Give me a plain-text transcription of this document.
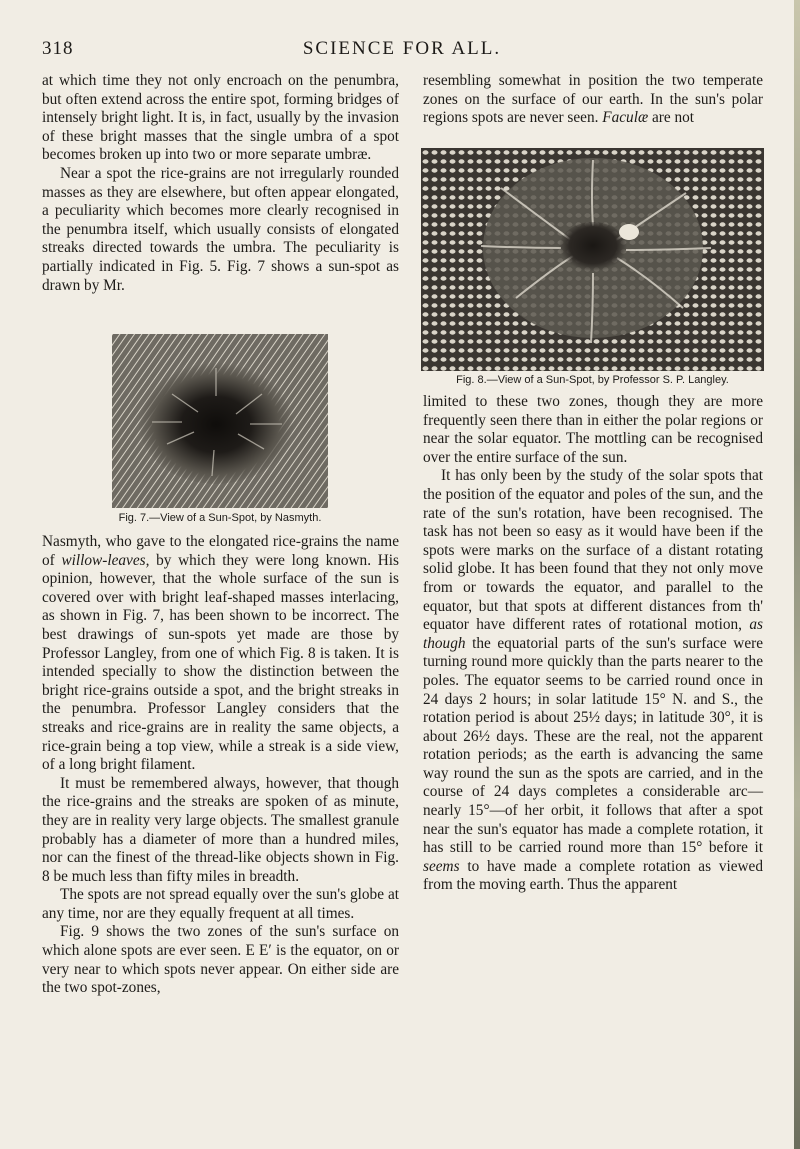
318	SCIENCE FOR ALL.

at which time they not only encroach on the penumbra, but often extend across the entire spot, forming bridges of intensely bright light. It is, in fact, usually by the invasion of these bright masses that the single umbra of a spot becomes broken up into two or more separate umbræ.

Near a spot the rice-grains are not irregularly rounded masses as they are elsewhere, but often appear elongated, a peculiarity which becomes more clearly recognised in the penumbra itself, which usually consists of elongated streaks directed towards the umbra. The peculiarity is partially indicated in Fig. 5. Fig. 7 shows a sun-spot as drawn by Mr.

Fig. 7.—View of a Sun-Spot, by Nasmyth.

Nasmyth, who gave to the elongated rice-grains the name of willow-leaves, by which they were long known. His opinion, however, that the whole surface of the sun is covered over with bright leaf-shaped masses interlacing, as shown in Fig. 7, has been shown to be incorrect. The best drawings of sun-spots yet made are those by Professor Langley, from one of which Fig. 8 is taken. It is intended specially to show the distinction between the bright rice-grains outside a spot, and the bright streaks in the penumbra. Professor Langley considers that the streaks and rice-grains are in reality the same objects, a rice-grain being a top view, while a streak is a side view, of a long bright filament.

It must be remembered always, however, that though the rice-grains and the streaks are spoken of as minute, they are in reality very large objects. The smallest granule probably has a diameter of more than a hundred miles, nor can the finest of the thread-like objects shown in Fig. 8 be much less than fifty miles in breadth.

The spots are not spread equally over the sun's globe at any time, nor are they equally frequent at all times.

Fig. 9 shows the two zones of the sun's surface on which alone spots are ever seen. E E′ is the equator, on or very near to which spots never appear. On either side are the two spot-zones,

resembling somewhat in position the two temperate zones on the surface of our earth. In the sun's polar regions spots are never seen. Faculæ are not

Fig. 8.—View of a Sun-Spot, by Professor S. P. Langley.

limited to these two zones, though they are more frequently seen there than in either the polar regions or near the solar equator. The mottling can be recognised over the entire surface of the sun.

It has only been by the study of the solar spots that the position of the equator and poles of the sun, and the rate of the sun's rotation, have been recognised. The task has not been so easy as it would have been if the spots were marks on the surface of a distant rotating solid globe. It has been found that they not only move from or towards the equator, and parallel to the equator, but that spots at different distances from th' equator have different rates of rotational motion, as though the equatorial parts of the sun's surface were turning round more quickly than the parts nearer to the poles. The equator seems to be carried round once in 24 days 2 hours; in solar latitude 15° N. and S., the rotation period is about 25½ days; in latitude 30°, it is about 26½ days. These are the real, not the apparent rotation periods; as the earth is advancing the same way round the sun as the spots are carried, and in the course of 24 days completes a considerable arc— nearly 15°—of her orbit, it follows that after a spot near the sun's equator has made a complete rotation, it has still to be carried round more than 15° before it seems to have made a complete rotation as viewed from the moving earth. Thus the apparent
